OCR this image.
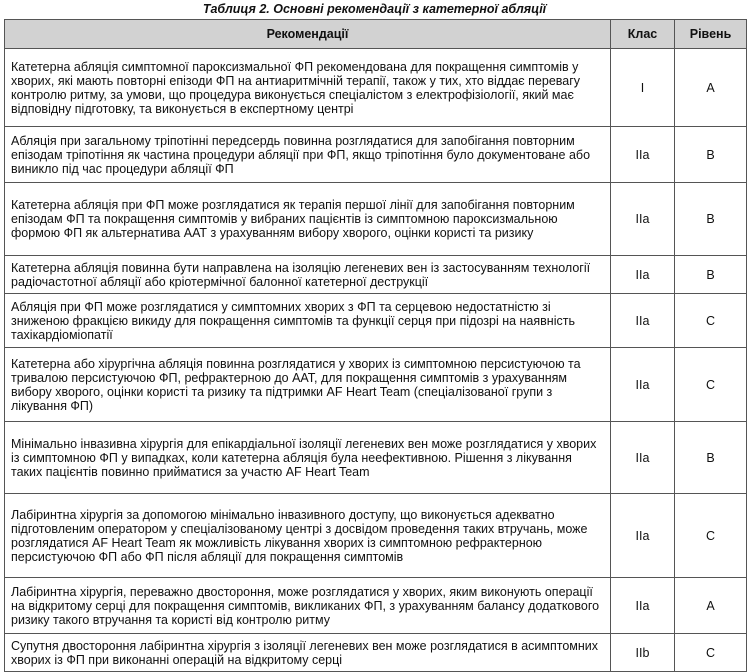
Таблиця 2. Основні рекомендації з катетерної абляції
Рекомендації	Клас	Рівень
Катетерна абляція симптомної пароксизмальної ФП рекомендована для покращення симптомів у хворих, які мають повторні епізоди ФП на антиаритмічній терапії, також у тих, хто віддає перевагу контролю ритму, за умови, що процедура виконується спеціалістом з електрофізіології, який має відповідну підготовку, та виконується в експертному центрі	I	A
Абляція при загальному тріпотінні передсердь повинна розглядатися для запобігання повторним епізодам тріпотіння як частина процедури абляції при ФП, якщо тріпотіння було документоване або виникло під час процедури абляції ФП	IIa	B
Катетерна абляція при ФП може розглядатися як терапія першої лінії для запобігання повторним епізодам ФП та покращення симптомів у вибраних пацієнтів із симптомною пароксизмальною формою ФП як альтернатива ААТ з урахуванням вибору хворого, оцінки користі та ризику	IIa	B
Катетерна абляція повинна бути направлена на ізоляцію легеневих вен із застосуванням технології радіочастотної абляції або кріотермічної балонної катетерної деструкції	IIa	B
Абляція при ФП може розглядатися у симптомних хворих з ФП та серцевою недостатністю зі зниженою фракцією викиду для покращення симптомів та функції серця при підозрі на наявність тахікардіоміопатії	IIa	C
Катетерна або хірургічна абляція повинна розглядатися у хворих із симптомною персистуючою та тривалою персистуючою ФП, рефрактерною до ААТ, для покращення симптомів з урахуванням вибору хворого, оцінки користі та ризику та підтримки AF Heart Team (спеціалізованої групи з лікування ФП)	IIa	C
Мінімально інвазивна хірургія для епікардіальної ізоляції легеневих вен може розглядатися у хворих із симптомною ФП у випадках, коли катетерна абляція була неефективною. Рішення з лікування таких пацієнтів повинно прийматися за участю AF Heart Team	IIa	B
Лабіринтна хірургія за допомогою мінімально інвазивного доступу, що виконується адекватно підготовленим оператором у спеціалізованому центрі з досвідом проведення таких втручань, може розглядатися AF Heart Team як можливість лікування хворих із симптомною рефрактерною персистуючою ФП або ФП після абляції для покращення симптомів	IIa	C
Лабіринтна хірургія, переважно двостороння, може розглядатися у хворих, яким виконують операції на відкритому серці для покращення симптомів, викликаних ФП, з урахуванням балансу додаткового ризику такого втручання та користі від контролю ритму	IIa	A
Супутня двостороння лабіринтна хірургія з ізоляції легеневих вен може розглядатися в асимптомних хворих із ФП при виконанні операцій на відкритому серці	IIb	C
